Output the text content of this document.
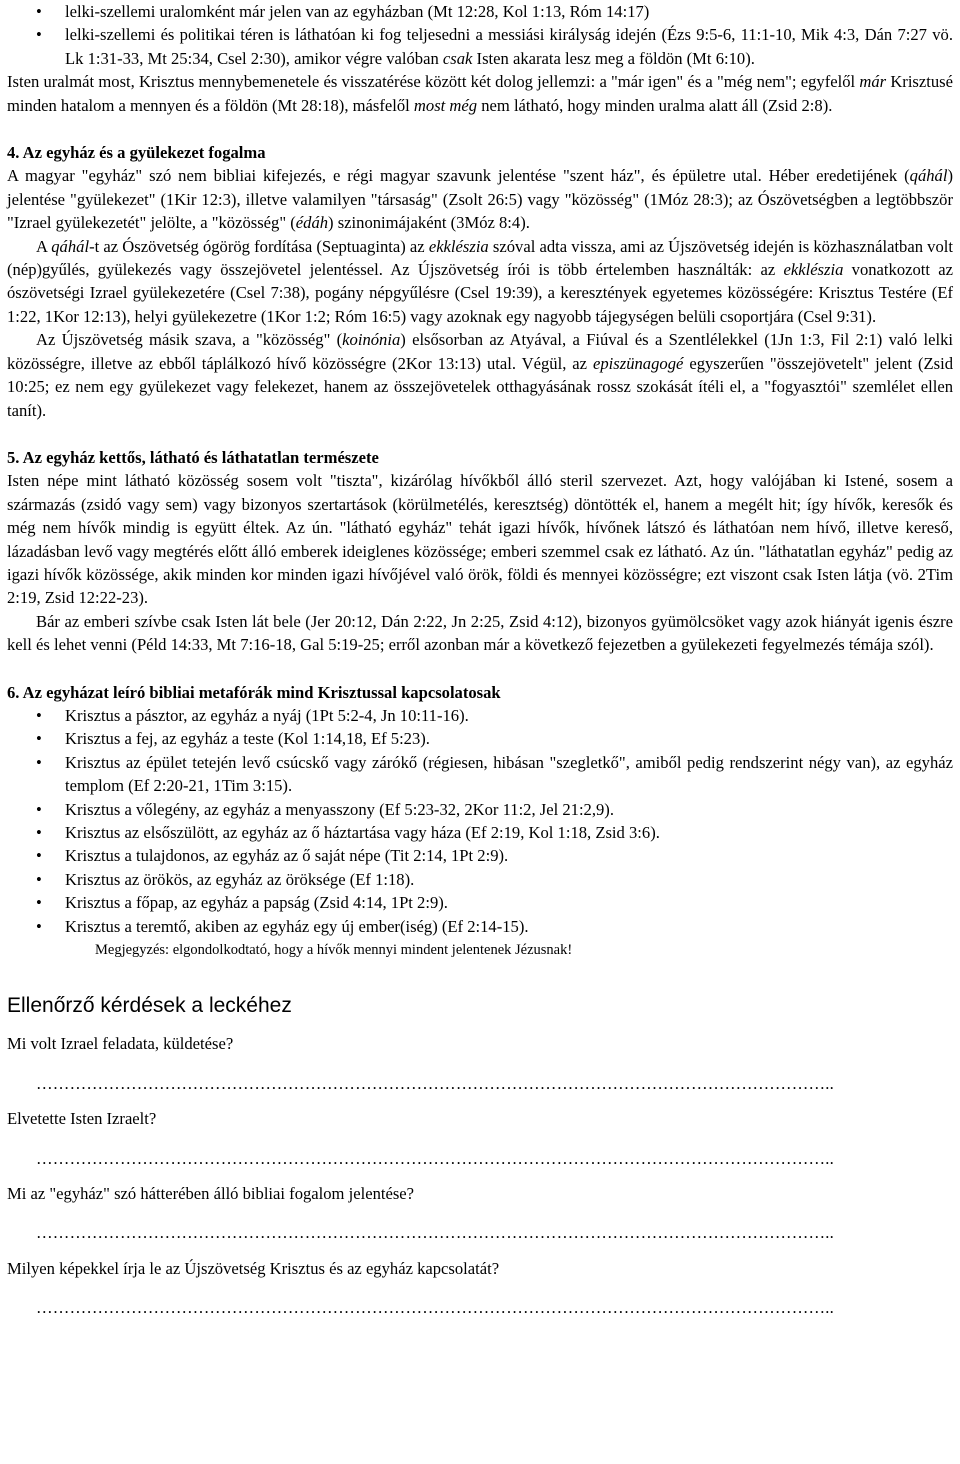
• lelki-szellemi uralomként már jelen van az egyházban (Mt 12:28, Kol 1:13, Róm 14:17)
• lelki-szellemi és politikai téren is láthatóan ki fog teljesedni a messiási királyság idején (Ézs 9:5-6, 11:1-10, Mik 4:3, Dán 7:27 vö. Lk 1:31-33, Mt 25:34, Csel 2:30), amikor végre valóban csak Isten akarata lesz meg a földön (Mt 6:10).

Isten uralmát most, Krisztus mennybemenetele és visszatérése között két dolog jellemzi: a "már igen" és a "még nem"; egyfelől már Krisztusé minden hatalom a mennyen és a földön (Mt 28:18), másfelől most még nem látható, hogy minden uralma alatt áll (Zsid 2:8).

4. Az egyház és a gyülekezet fogalma

A magyar "egyház" szó nem bibliai kifejezés, e régi magyar szavunk jelentése "szent ház", és épületre utal. Héber eredetijének (qáhál) jelentése "gyülekezet" (1Kir 12:3), illetve valamilyen "társaság" (Zsolt 26:5) vagy "közösség" (1Móz 28:3); az Ószövetségben a legtöbbször "Izrael gyülekezetét" jelölte, a "közösség" (édáh) szinonimájaként (3Móz 8:4).

A qáhál-t az Ószövetség ógörög fordítása (Septuaginta) az ekklészia szóval adta vissza, ami az Újszövetség idején is közhasználatban volt (nép)gyűlés, gyülekezés vagy összejövetel jelentéssel. Az Újszövetség írói is több értelemben használták: az ekklészia vonatkozott az ószövetségi Izrael gyülekezetére (Csel 7:38), pogány népgyűlésre (Csel 19:39), a keresztények egyetemes közösségére: Krisztus Testére (Ef 1:22, 1Kor 12:13), helyi gyülekezetre (1Kor 1:2; Róm 16:5) vagy azoknak egy nagyobb tájegységen belüli csoportjára (Csel 9:31).

Az Újszövetség másik szava, a "közösség" (koinónia) elsősorban az Atyával, a Fiúval és a Szentlélekkel (1Jn 1:3, Fil 2:1) való lelki közösségre, illetve az ebből táplálkozó hívő közösségre (2Kor 13:13) utal. Végül, az episzünagogé egyszerűen "összejövetelt" jelent (Zsid 10:25; ez nem egy gyülekezet vagy felekezet, hanem az összejövetelek otthagyásának rossz szokását ítéli el, a "fogyasztói" szemlélet ellen tanít).

5. Az egyház kettős, látható és láthatatlan természete

Isten népe mint látható közösség sosem volt "tiszta", kizárólag hívőkből álló steril szervezet. Azt, hogy valójában ki Istené, sosem a származás (zsidó vagy sem) vagy bizonyos szertartások (körülmetélés, keresztség) döntötték el, hanem a megélt hit; így hívők, keresők és még nem hívők mindig is együtt éltek. Az ún. "látható egyház" tehát igazi hívők, hívőnek látszó és láthatóan nem hívő, illetve kereső, lázadásban levő vagy megtérés előtt álló emberek ideiglenes közössége; emberi szemmel csak ez látható. Az ún. "láthatatlan egyház" pedig az igazi hívők közössége, akik minden kor minden igazi hívőjével való örök, földi és mennyei közösségre; ezt viszont csak Isten látja (vö. 2Tim 2:19, Zsid 12:22-23).

Bár az emberi szívbe csak Isten lát bele (Jer 20:12, Dán 2:22, Jn 2:25, Zsid 4:12), bizonyos gyümölcsöket vagy azok hiányát igenis észre kell és lehet venni (Péld 14:33, Mt 7:16-18, Gal 5:19-25; erről azonban már a következő fejezetben a gyülekezeti fegyelmezés témája szól).

6. Az egyházat leíró bibliai metafórák mind Krisztussal kapcsolatosak
• Krisztus a pásztor, az egyház a nyáj (1Pt 5:2-4, Jn 10:11-16).
• Krisztus a fej, az egyház a teste (Kol 1:14,18, Ef 5:23).
• Krisztus az épület tetején levő csúcskő vagy zárókő (régiesen, hibásan "szegletkő", amiből pedig rendszerint négy van), az egyház templom (Ef 2:20-21, 1Tim 3:15).
• Krisztus a vőlegény, az egyház a menyasszony (Ef 5:23-32, 2Kor 11:2, Jel 21:2,9).
• Krisztus az elsőszülött, az egyház az ő háztartása vagy háza (Ef 2:19, Kol 1:18, Zsid 3:6).
• Krisztus a tulajdonos, az egyház az ő saját népe (Tit 2:14, 1Pt 2:9).
• Krisztus az örökös, az egyház az öröksége (Ef 1:18).
• Krisztus a főpap, az egyház a papság (Zsid 4:14, 1Pt 2:9).
• Krisztus a teremtő, akiben az egyház egy új ember(iség) (Ef 2:14-15).
Megjegyzés: elgondolkodtató, hogy a hívők mennyi mindent jelentenek Jézusnak!
Ellenőrző kérdések a leckéhez
Mi volt Izrael feladata, küldetése?
……………………………………………………………………………………………………………………………..
Elvetette Isten Izraelt?
……………………………………………………………………………………………………………………………..
Mi az "egyház" szó hátterében álló bibliai fogalom jelentése?
……………………………………………………………………………………………………………………………..
Milyen képekkel írja le az Újszövetség Krisztus és az egyház kapcsolatát?
……………………………………………………………………………………………………………………………..
